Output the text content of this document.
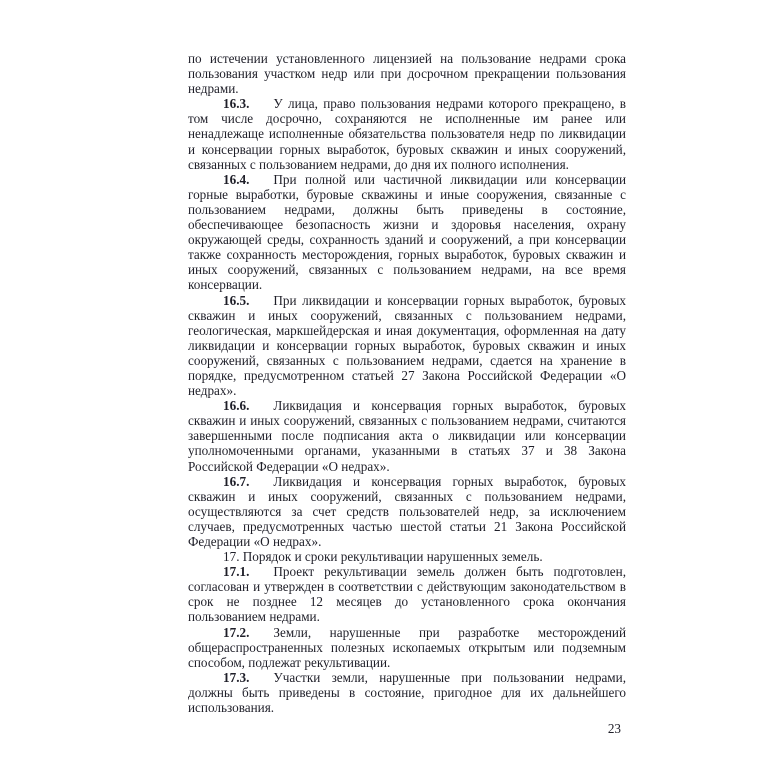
по истечении установленного лицензией на пользование недрами срока пользования участком недр или при досрочном прекращении пользования недрами.

16.3. У лица, право пользования недрами которого прекращено, в том числе досрочно, сохраняются не исполненные им ранее или ненадлежаще исполненные обязательства пользователя недр по ликвидации и консервации горных выработок, буровых скважин и иных сооружений, связанных с пользованием недрами, до дня их полного исполнения.

16.4. При полной или частичной ликвидации или консервации горные выработки, буровые скважины и иные сооружения, связанные с пользованием недрами, должны быть приведены в состояние, обеспечивающее безопасность жизни и здоровья населения, охрану окружающей среды, сохранность зданий и сооружений, а при консервации также сохранность месторождения, горных выработок, буровых скважин и иных сооружений, связанных с пользованием недрами, на все время консервации.

16.5. При ликвидации и консервации горных выработок, буровых скважин и иных сооружений, связанных с пользованием недрами, геологическая, маркшейдерская и иная документация, оформленная на дату ликвидации и консервации горных выработок, буровых скважин и иных сооружений, связанных с пользованием недрами, сдается на хранение в порядке, предусмотренном статьей 27 Закона Российской Федерации «О недрах».

16.6. Ликвидация и консервация горных выработок, буровых скважин и иных сооружений, связанных с пользованием недрами, считаются завершенными после подписания акта о ликвидации или консервации уполномоченными органами, указанными в статьях 37 и 38 Закона Российской Федерации «О недрах».

16.7. Ликвидация и консервация горных выработок, буровых скважин и иных сооружений, связанных с пользованием недрами, осуществляются за счет средств пользователей недр, за исключением случаев, предусмотренных частью шестой статьи 21 Закона Российской Федерации «О недрах».

17. Порядок и сроки рекультивации нарушенных земель.

17.1. Проект рекультивации земель должен быть подготовлен, согласован и утвержден в соответствии с действующим законодательством в срок не позднее 12 месяцев до установленного срока окончания пользованием недрами.

17.2. Земли, нарушенные при разработке месторождений общераспространенных полезных ископаемых открытым или подземным способом, подлежат рекультивации.

17.3. Участки земли, нарушенные при пользовании недрами, должны быть приведены в состояние, пригодное для их дальнейшего использования.

23
